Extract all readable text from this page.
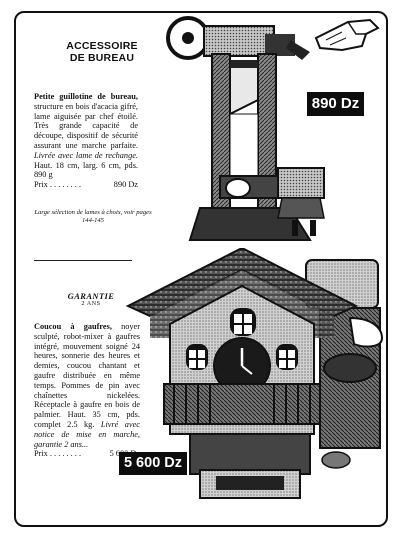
ACCESSOIRE
DE BUREAU
890 Dz
Petite guillotine de bureau, structure en bois d'acacia gifré, lame aiguisée par chef étoilé. Très grande capacité de découpe, dispositif de sécurité assurant une marche parfaite. Livrée avec lame de rechange. Haut. 18 cm, larg. 6 cm, pds. 890 g
Prix . . . . . . . .	890 Dz
Large sélection de lames à choix, voir pages 144-145
GARANTIE
2 ANS
5 600 Dz
Coucou à gaufres, noyer sculpté, robot-mixer à gaufres intégré, mouvement soigné 24 heures, sonnerie des heures et demies, coucou chantant et gaufre distribuée en même temps. Pommes de pin avec chaînettes nickelées. Réceptacle à gaufre en bois de palmier. Haut. 35 cm, pds. complet 2.5 kg. Livré avec notice de mise en marche, garantie 2 ans...
Prix . . . . . . . .	5 600 Dz
